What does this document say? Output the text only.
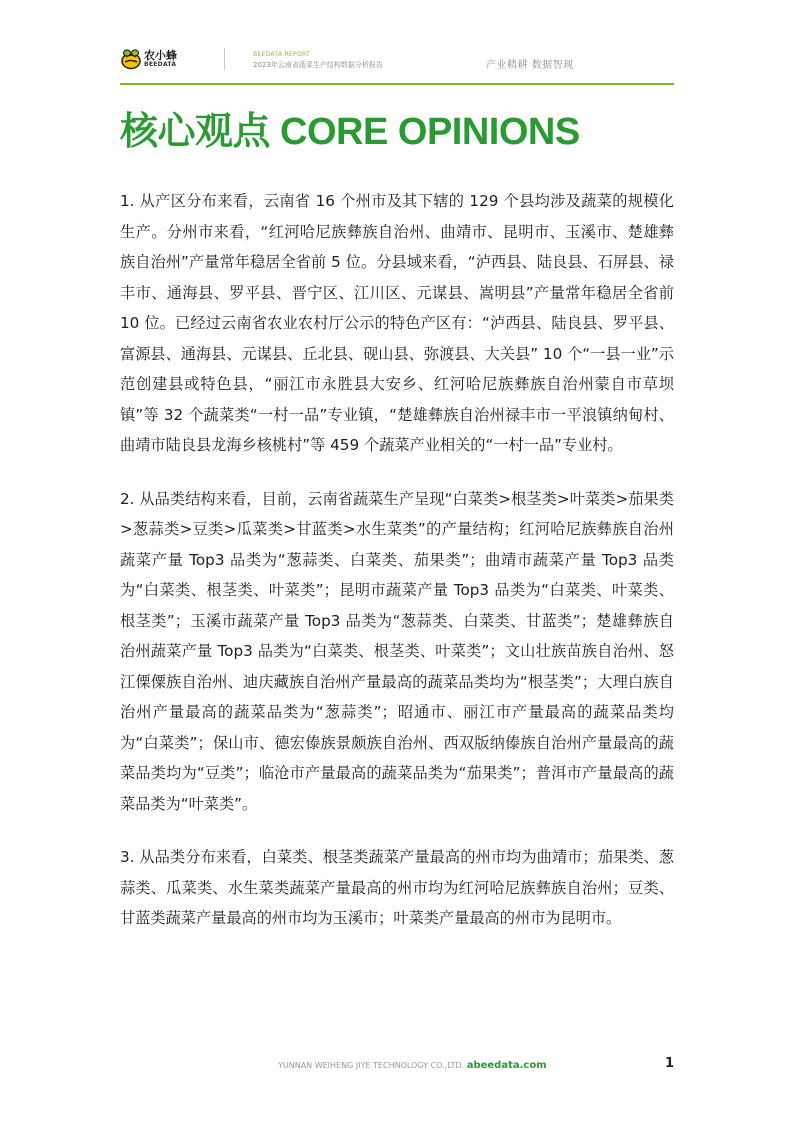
农小蜂
BEEDATA
BEEDATA REPORT
2023年云南省蔬菜生产结构数据分析报告	产业精耕 数据智现
核心观点 CORE OPINIONS

1. 从产区分布来看，云南省 16 个州市及其下辖的 129 个县均涉及蔬菜的规模化生产。分州市来看，“红河哈尼族彝族自治州、曲靖市、昆明市、玉溪市、楚雄彝族自治州”产量常年稳居全省前 5 位。分县域来看，“泸西县、陆良县、石屏县、禄丰市、通海县、罗平县、晋宁区、江川区、元谋县、嵩明县”产量常年稳居全省前 10 位。已经过云南省农业农村厅公示的特色产区有：“泸西县、陆良县、罗平县、富源县、通海县、元谋县、丘北县、砚山县、弥渡县、大关县” 10 个“一县一业”示范创建县或特色县，“丽江市永胜县大安乡、红河哈尼族彝族自治州蒙自市草坝镇”等 32 个蔬菜类“一村一品”专业镇，“楚雄彝族自治州禄丰市一平浪镇纳甸村、曲靖市陆良县龙海乡核桃村”等 459 个蔬菜产业相关的“一村一品”专业村。

2. 从品类结构来看，目前，云南省蔬菜生产呈现“白菜类>根茎类>叶菜类>茄果类>葱蒜类>豆类>瓜菜类>甘蓝类>水生菜类”的产量结构；红河哈尼族彝族自治州蔬菜产量 Top3 品类为“葱蒜类、白菜类、茄果类”；曲靖市蔬菜产量 Top3 品类为“白菜类、根茎类、叶菜类”；昆明市蔬菜产量 Top3 品类为“白菜类、叶菜类、根茎类”；玉溪市蔬菜产量 Top3 品类为“葱蒜类、白菜类、甘蓝类”；楚雄彝族自治州蔬菜产量 Top3 品类为“白菜类、根茎类、叶菜类”；文山壮族苗族自治州、怒江傈僳族自治州、迪庆藏族自治州产量最高的蔬菜品类均为“根茎类”；大理白族自治州产量最高的蔬菜品类为“葱蒜类”；昭通市、丽江市产量最高的蔬菜品类均为“白菜类”；保山市、德宏傣族景颇族自治州、西双版纳傣族自治州产量最高的蔬菜品类均为“豆类”；临沧市产量最高的蔬菜品类为“茄果类”；普洱市产量最高的蔬菜品类为“叶菜类”。

3. 从品类分布来看，白菜类、根茎类蔬菜产量最高的州市均为曲靖市；茄果类、葱蒜类、瓜菜类、水生菜类蔬菜产量最高的州市均为红河哈尼族彝族自治州；豆类、甘蓝类蔬菜产量最高的州市均为玉溪市；叶菜类产量最高的州市为昆明市。

YUNNAN WEIHENG JIYE TECHNOLOGY CO.,LTD. abeedata.com	1
